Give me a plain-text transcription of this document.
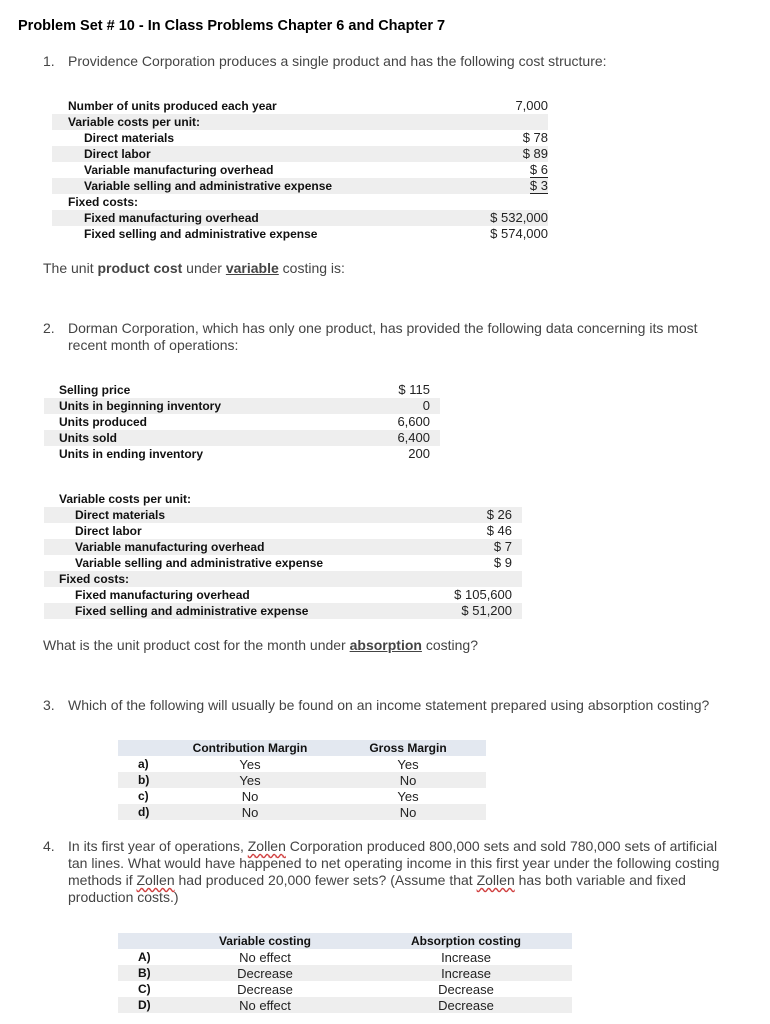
Problem Set # 10 - In Class Problems Chapter 6 and Chapter 7
1. Providence Corporation produces a single product and has the following cost structure:
Number of units produced each year	7,000
Variable costs per unit:
Direct materials	$ 78
Direct labor	$ 89
Variable manufacturing overhead	$ 6
Variable selling and administrative expense	$ 3
Fixed costs:
Fixed manufacturing overhead	$ 532,000
Fixed selling and administrative expense	$ 574,000
The unit product cost under variable costing is:
2. Dorman Corporation, which has only one product, has provided the following data concerning its most
recent month of operations:
Selling price	$ 115
Units in beginning inventory	0
Units produced	6,600
Units sold	6,400
Units in ending inventory	200
Variable costs per unit:
Direct materials	$ 26
Direct labor	$ 46
Variable manufacturing overhead	$ 7
Variable selling and administrative expense	$ 9
Fixed costs:
Fixed manufacturing overhead	$ 105,600
Fixed selling and administrative expense	$ 51,200
What is the unit product cost for the month under absorption costing?
3. Which of the following will usually be found on an income statement prepared using absorption costing?
Contribution Margin	Gross Margin
a)	Yes	Yes
b)	Yes	No
c)	No	Yes
d)	No	No
4. In its first year of operations, Zollen Corporation produced 800,000 sets and sold 780,000 sets of artificial
tan lines. What would have happened to net operating income in this first year under the following costing
methods if Zollen had produced 20,000 fewer sets? (Assume that Zollen has both variable and fixed
production costs.)
Variable costing	Absorption costing
A)	No effect	Increase
B)	Decrease	Increase
C)	Decrease	Decrease
D)	No effect	Decrease
